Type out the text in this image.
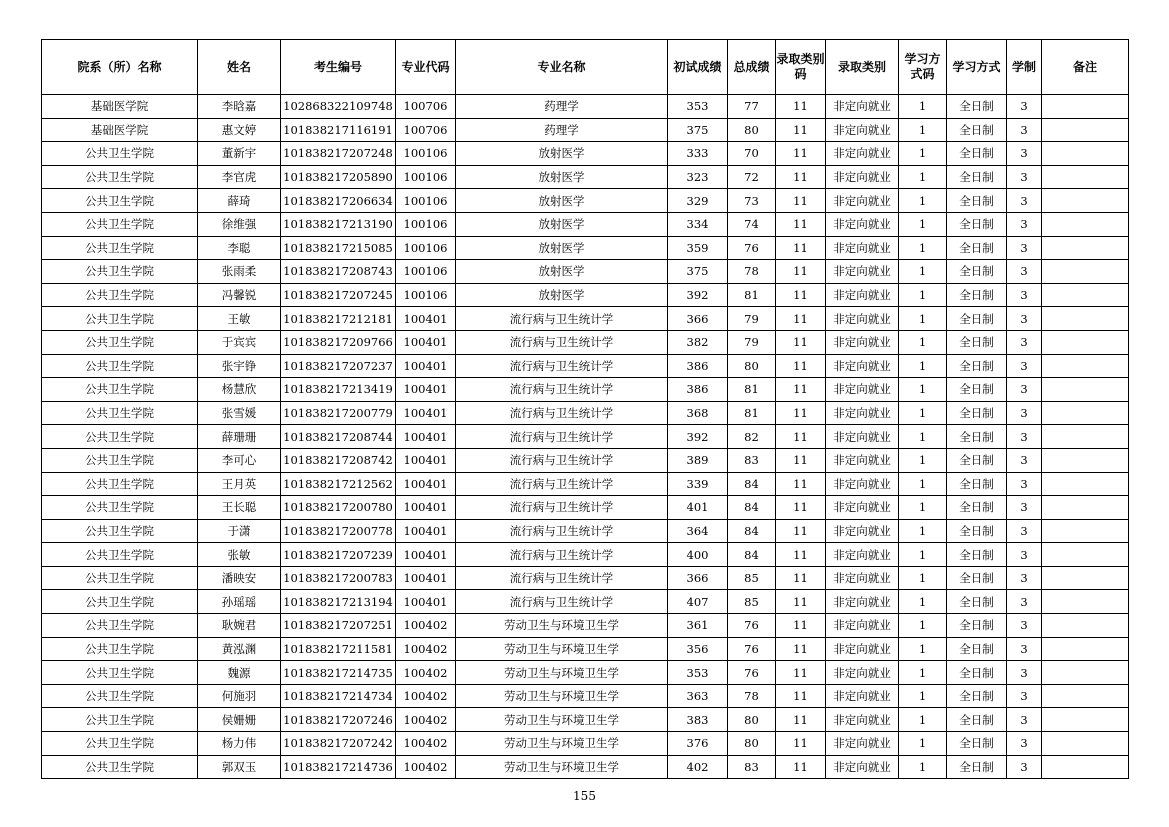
院系（所）名称	姓名	考生编号	专业代码	专业名称	初试成绩	总成绩	录取类别码	录取类别	学习方式码	学习方式	学制	备注
基础医学院	李晗嘉	102868322109748	100706	药理学	353	77	11	非定向就业	1	全日制	3	
基础医学院	惠文婷	101838217116191	100706	药理学	375	80	11	非定向就业	1	全日制	3	
公共卫生学院	董新宇	101838217207248	100106	放射医学	333	70	11	非定向就业	1	全日制	3	
公共卫生学院	李官虎	101838217205890	100106	放射医学	323	72	11	非定向就业	1	全日制	3	
公共卫生学院	薛琦	101838217206634	100106	放射医学	329	73	11	非定向就业	1	全日制	3	
公共卫生学院	徐维强	101838217213190	100106	放射医学	334	74	11	非定向就业	1	全日制	3	
公共卫生学院	李聪	101838217215085	100106	放射医学	359	76	11	非定向就业	1	全日制	3	
公共卫生学院	张雨柔	101838217208743	100106	放射医学	375	78	11	非定向就业	1	全日制	3	
公共卫生学院	冯馨锐	101838217207245	100106	放射医学	392	81	11	非定向就业	1	全日制	3	
公共卫生学院	王敏	101838217212181	100401	流行病与卫生统计学	366	79	11	非定向就业	1	全日制	3	
公共卫生学院	于宾宾	101838217209766	100401	流行病与卫生统计学	382	79	11	非定向就业	1	全日制	3	
公共卫生学院	张宇铮	101838217207237	100401	流行病与卫生统计学	386	80	11	非定向就业	1	全日制	3	
公共卫生学院	杨慧欣	101838217213419	100401	流行病与卫生统计学	386	81	11	非定向就业	1	全日制	3	
公共卫生学院	张雪媛	101838217200779	100401	流行病与卫生统计学	368	81	11	非定向就业	1	全日制	3	
公共卫生学院	薛珊珊	101838217208744	100401	流行病与卫生统计学	392	82	11	非定向就业	1	全日制	3	
公共卫生学院	李可心	101838217208742	100401	流行病与卫生统计学	389	83	11	非定向就业	1	全日制	3	
公共卫生学院	王月英	101838217212562	100401	流行病与卫生统计学	339	84	11	非定向就业	1	全日制	3	
公共卫生学院	王长聪	101838217200780	100401	流行病与卫生统计学	401	84	11	非定向就业	1	全日制	3	
公共卫生学院	于潇	101838217200778	100401	流行病与卫生统计学	364	84	11	非定向就业	1	全日制	3	
公共卫生学院	张敏	101838217207239	100401	流行病与卫生统计学	400	84	11	非定向就业	1	全日制	3	
公共卫生学院	潘映安	101838217200783	100401	流行病与卫生统计学	366	85	11	非定向就业	1	全日制	3	
公共卫生学院	孙瑶瑶	101838217213194	100401	流行病与卫生统计学	407	85	11	非定向就业	1	全日制	3	
公共卫生学院	耿婉君	101838217207251	100402	劳动卫生与环境卫生学	361	76	11	非定向就业	1	全日制	3	
公共卫生学院	黄泓渊	101838217211581	100402	劳动卫生与环境卫生学	356	76	11	非定向就业	1	全日制	3	
公共卫生学院	魏源	101838217214735	100402	劳动卫生与环境卫生学	353	76	11	非定向就业	1	全日制	3	
公共卫生学院	何施羽	101838217214734	100402	劳动卫生与环境卫生学	363	78	11	非定向就业	1	全日制	3	
公共卫生学院	侯姗姗	101838217207246	100402	劳动卫生与环境卫生学	383	80	11	非定向就业	1	全日制	3	
公共卫生学院	杨力伟	101838217207242	100402	劳动卫生与环境卫生学	376	80	11	非定向就业	1	全日制	3	
公共卫生学院	郭双玉	101838217214736	100402	劳动卫生与环境卫生学	402	83	11	非定向就业	1	全日制	3	
155
